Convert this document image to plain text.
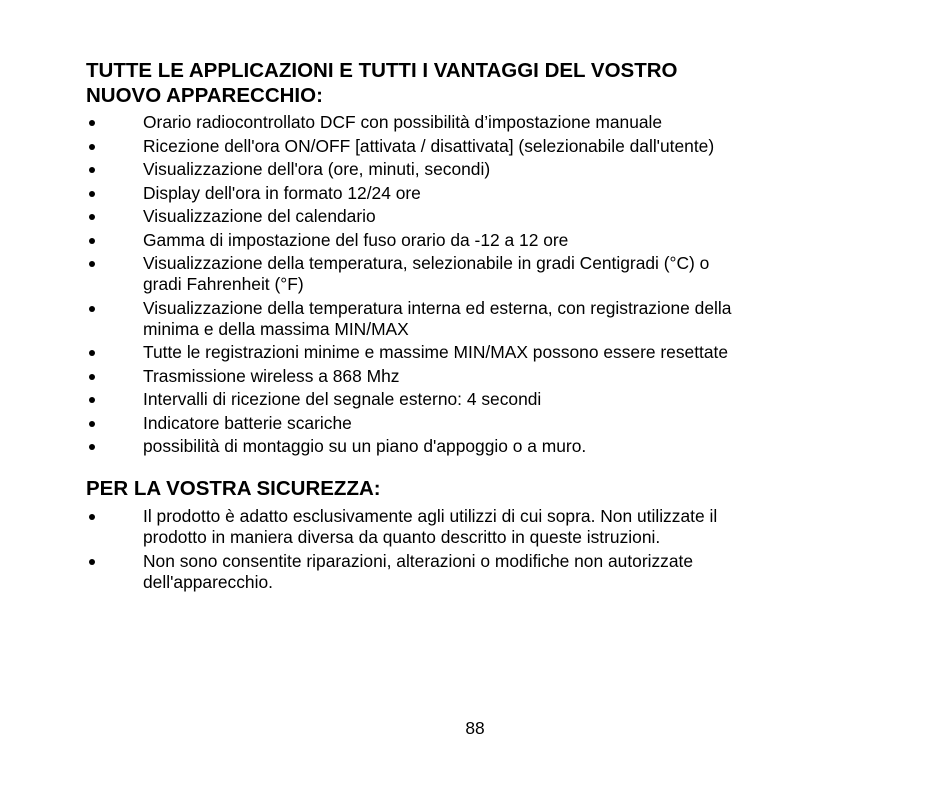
TUTTE LE APPLICAZIONI E TUTTI I VANTAGGI DEL VOSTRO
NUOVO APPARECCHIO:
Orario radiocontrollato DCF con possibilità d’impostazione manuale
Ricezione dell'ora ON/OFF [attivata / disattivata] (selezionabile dall'utente)
Visualizzazione dell'ora (ore, minuti, secondi)
Display dell'ora in formato 12/24 ore
Visualizzazione del calendario
Gamma di impostazione del fuso orario da -12 a 12 ore
Visualizzazione della temperatura, selezionabile in gradi Centigradi (°C) o
gradi Fahrenheit (°F)
Visualizzazione della temperatura interna ed esterna, con registrazione della
minima e della massima MIN/MAX
Tutte le registrazioni minime e massime MIN/MAX possono essere resettate
Trasmissione wireless a 868 Mhz
Intervalli di ricezione del segnale esterno: 4 secondi
Indicatore batterie scariche
possibilità di montaggio su un piano d'appoggio o a muro.
PER LA VOSTRA SICUREZZA:
Il prodotto è adatto esclusivamente agli utilizzi di cui sopra. Non utilizzate il
prodotto in maniera diversa da quanto descritto in queste istruzioni.
Non sono consentite riparazioni, alterazioni o modifiche non autorizzate
dell'apparecchio.
88
